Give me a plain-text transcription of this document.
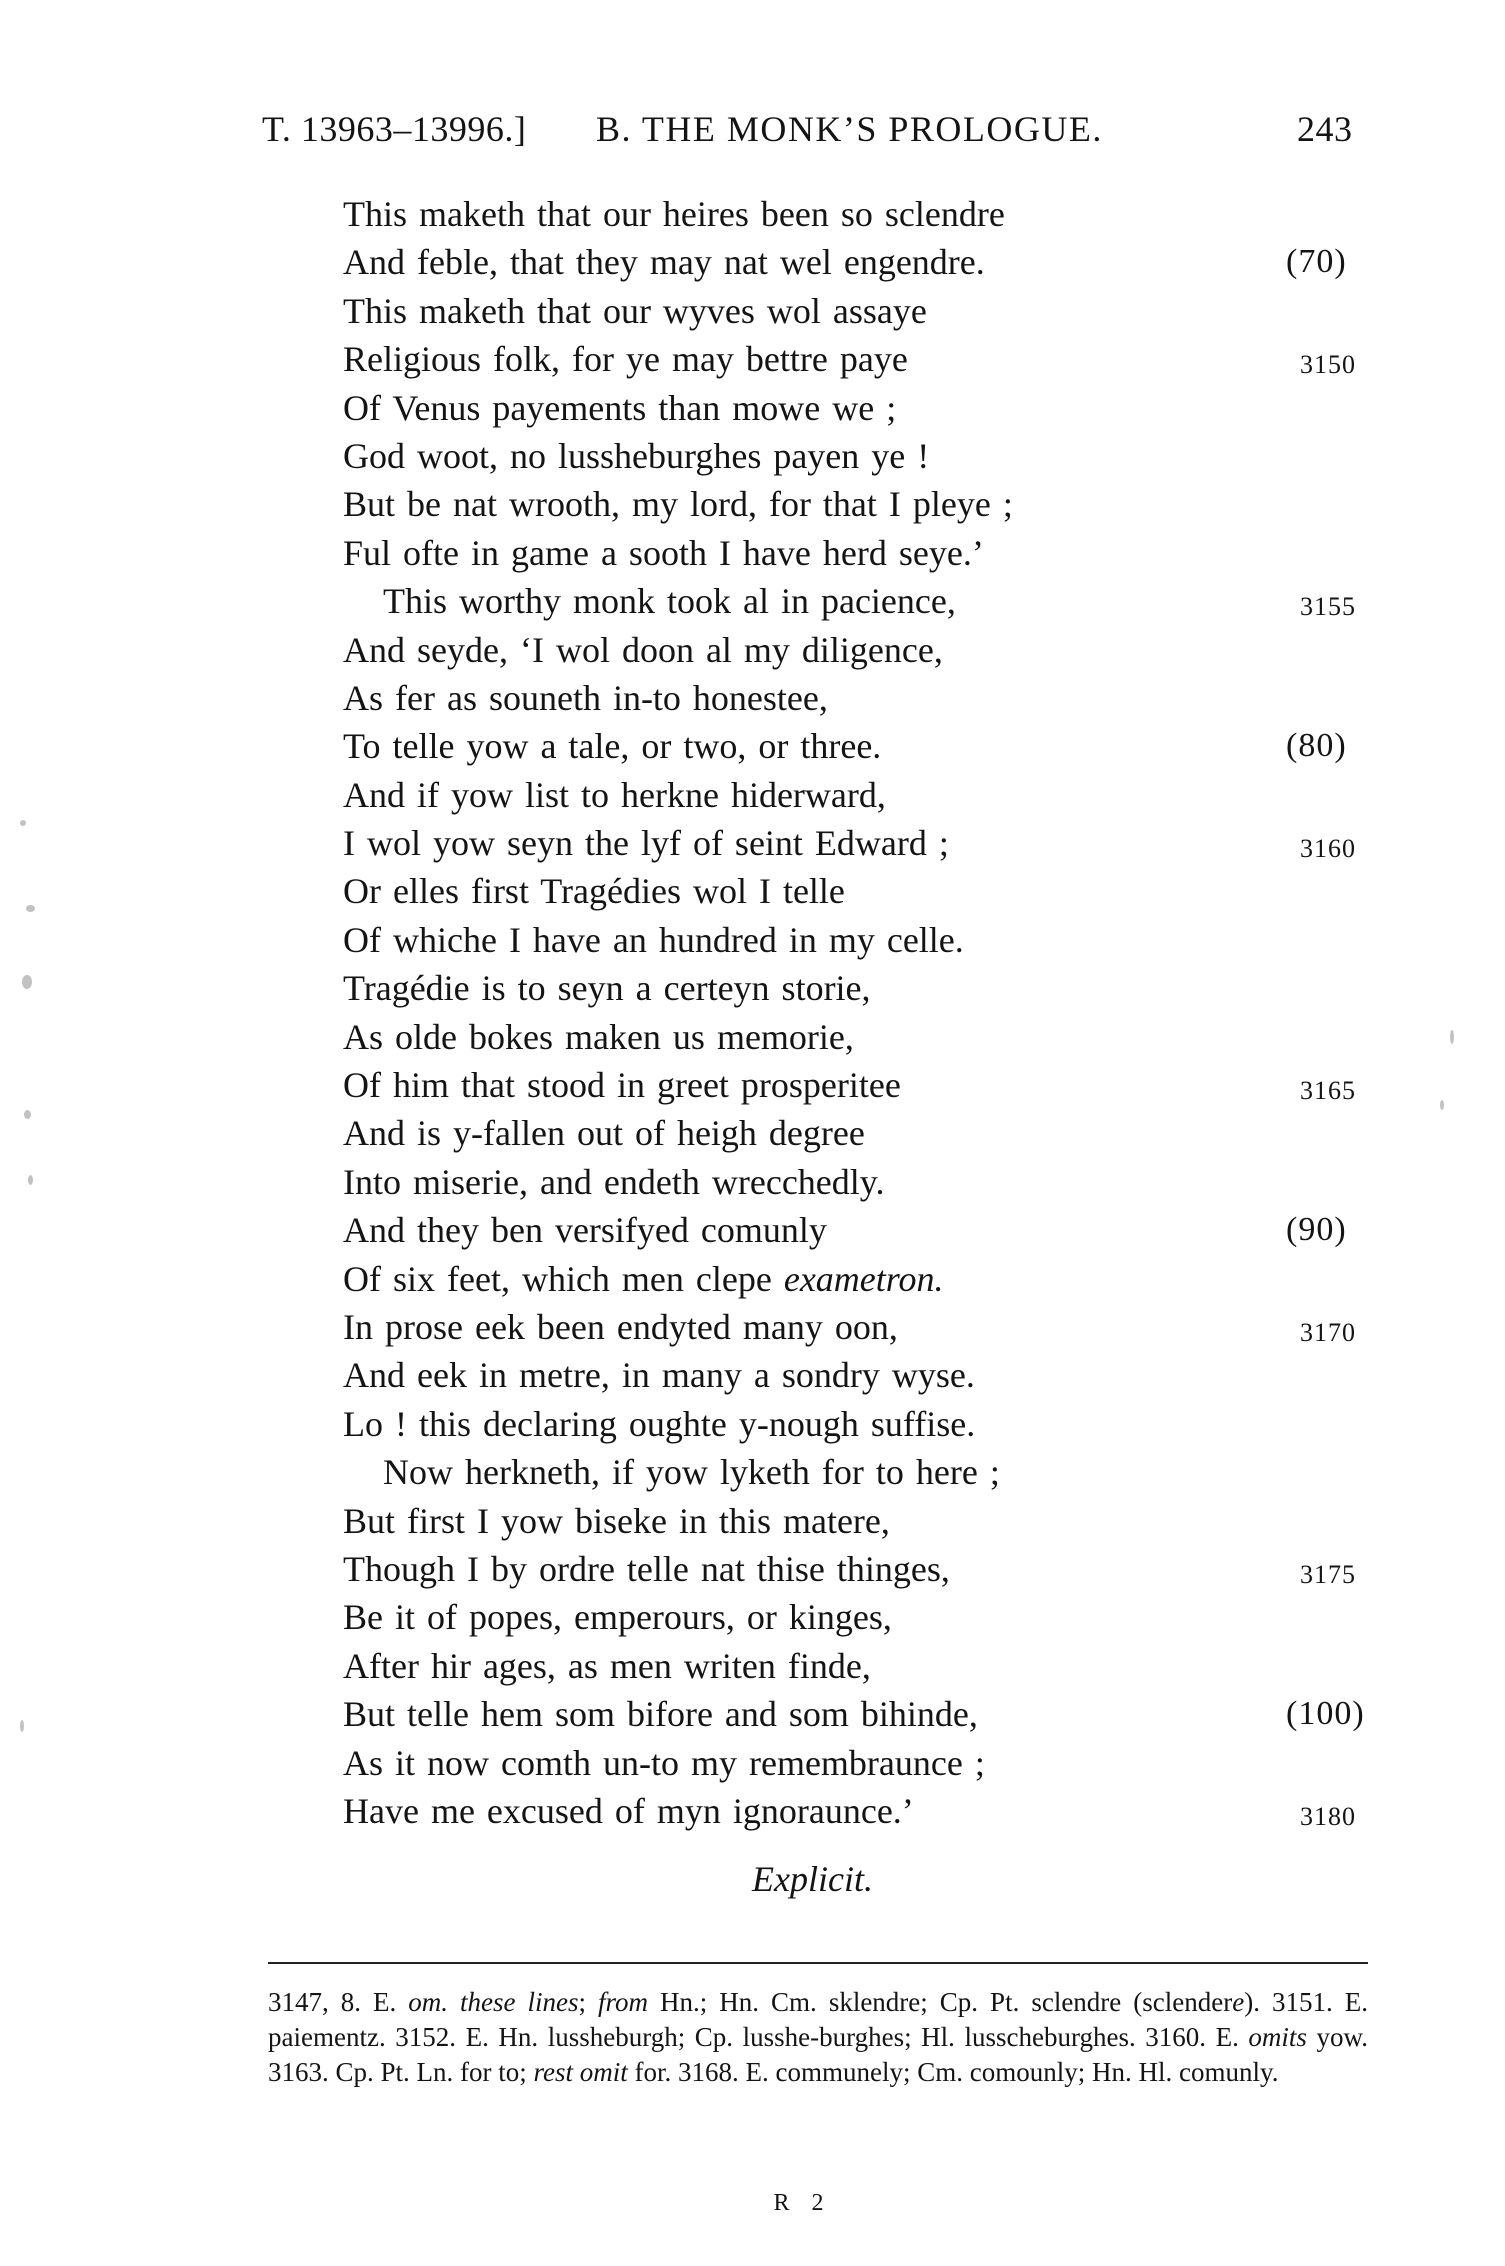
T. 13963–13996.] B. THE MONK’S PROLOGUE.	243
This maketh that our heires been so sclendre
And feble, that they may nat wel engendre.	(70)
This maketh that our wyves wol assaye
Religious folk, for ye may bettre paye	3150
Of Venus payements than mowe we ;
God woot, no lussheburghes payen ye !
But be nat wrooth, my lord, for that I pleye ;
Ful ofte in game a sooth I have herd seye.’
This worthy monk took al in pacience,	3155
And seyde, ‘I wol doon al my diligence,
As fer as souneth in-to honestee,
To telle yow a tale, or two, or three.	(80)
And if yow list to herkne hiderward,
I wol yow seyn the lyf of seint Edward ;	3160
Or elles first Tragédies wol I telle
Of whiche I have an hundred in my celle.
Tragédie is to seyn a certeyn storie,
As olde bokes maken us memorie,
Of him that stood in greet prosperitee	3165
And is y-fallen out of heigh degree
Into miserie, and endeth wrecchedly.
And they ben versifyed comunly	(90)
Of six feet, which men clepe exametron.
In prose eek been endyted many oon,	3170
And eek in metre, in many a sondry wyse.
Lo ! this declaring oughte y-nough suffise.
Now herkneth, if yow lyketh for to here ;
But first I yow biseke in this matere,
Though I by ordre telle nat thise thinges,	3175
Be it of popes, emperours, or kinges,
After hir ages, as men writen finde,
But telle hem som bifore and som bihinde,	(100)
As it now comth un-to my remembraunce ;
Have me excused of myn ignoraunce.’	3180
Explicit.
3147, 8. E. om. these lines; from Hn.; Hn. Cm. sklendre; Cp. Pt. sclendre (sclendere). 3151. E. paiementz. 3152. E. Hn. lussheburgh; Cp. lusshe-burghes; Hl. lusscheburghes. 3160. E. omits yow. 3163. Cp. Pt. Ln. for to; rest omit for. 3168. E. communely; Cm. comounly; Hn. Hl. comunly.
R 2
